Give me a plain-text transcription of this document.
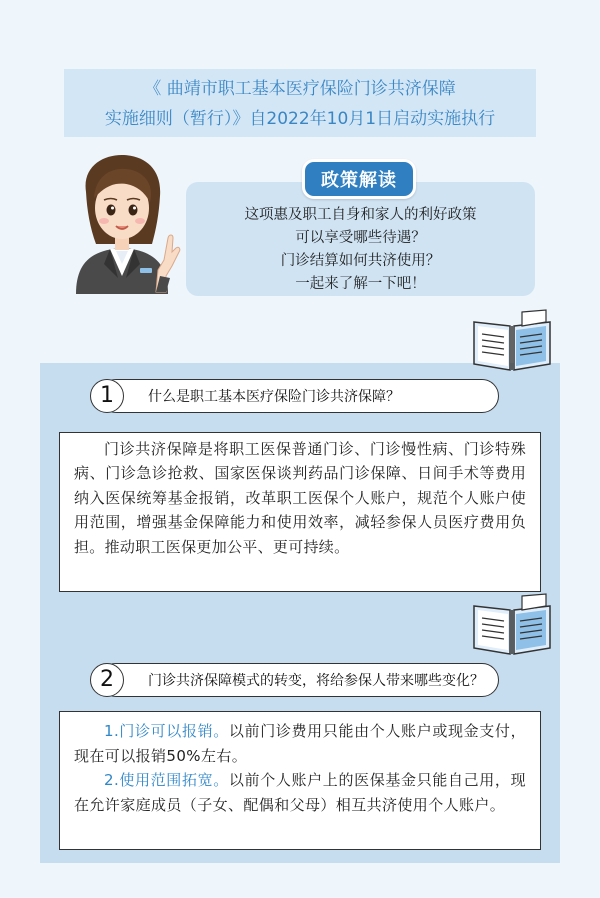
《 曲靖市职工基本医疗保险门诊共济保障
实施细则（暂行）》自2022年10月1日启动实施执行
这项惠及职工自身和家人的利好政策
可以享受哪些待遇？
门诊结算如何共济使用？
一起来了解一下吧！
政策解读
1	什么是职工基本医疗保险门诊共济保障？

门诊共济保障是将职工医保普通门诊、门诊慢性病、门诊特殊病、门诊急诊抢救、国家医保谈判药品门诊保障、日间手术等费用纳入医保统筹基金报销，改革职工医保个人账户，规范个人账户使用范围，增强基金保障能力和使用效率，减轻参保人员医疗费用负担。推动职工医保更加公平、更可持续。

2	门诊共济保障模式的转变，将给参保人带来哪些变化？

1.门诊可以报销。以前门诊费用只能由个人账户或现金支付，现在可以报销50%左右。

2.使用范围拓宽。以前个人账户上的医保基金只能自己用，现在允许家庭成员（子女、配偶和父母）相互共济使用个人账户。
